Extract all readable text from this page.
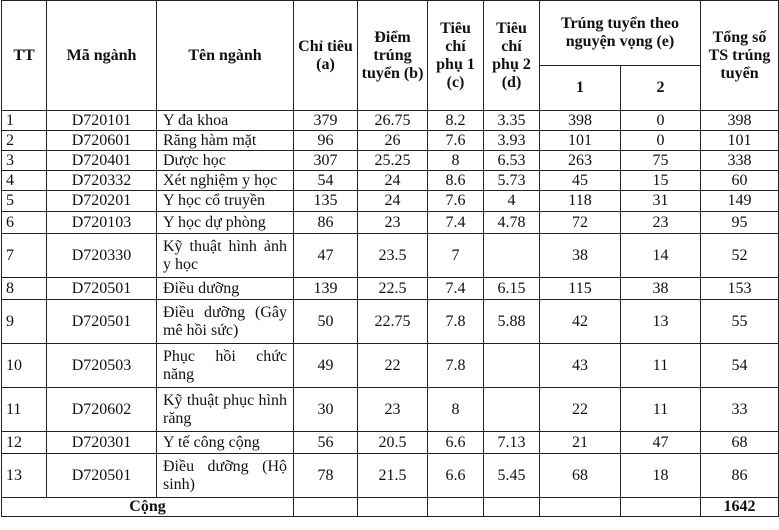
TT	Mã ngành	Tên ngành	Chỉ tiêu (a)	Điểm trúng tuyển (b)	Tiêu chí phụ 1 (c)	Tiêu chí phụ 2 (d)	Trúng tuyển theo nguyện vọng (e)		Tổng số TS trúng tuyển
							1	2	
1	D720101	Y đa khoa	379	26.75	8.2	3.35	398	0	398
2	D720601	Răng hàm mặt	96	26	7.6	3.93	101	0	101
3	D720401	Dược học	307	25.25	8	6.53	263	75	338
4	D720332	Xét nghiệm y học	54	24	8.6	5.73	45	15	60
5	D720201	Y học cổ truyền	135	24	7.6	4	118	31	149
6	D720103	Y học dự phòng	86	23	7.4	4.78	72	23	95
7	D720330	Kỹ thuật hình ảnh y học	47	23.5	7		38	14	52
8	D720501	Điều dưỡng	139	22.5	7.4	6.15	115	38	153
9	D720501	Điều dưỡng (Gây mê hồi sức)	50	22.75	7.8	5.88	42	13	55
10	D720503	Phục hồi chức năng	49	22	7.8		43	11	54
11	D720602	Kỹ thuật phục hình răng	30	23	8		22	11	33
12	D720301	Y tế công cộng	56	20.5	6.6	7.13	21	47	68
13	D720501	Điều dưỡng (Hộ sinh)	78	21.5	6.6	5.45	68	18	86
Cộng									1642
